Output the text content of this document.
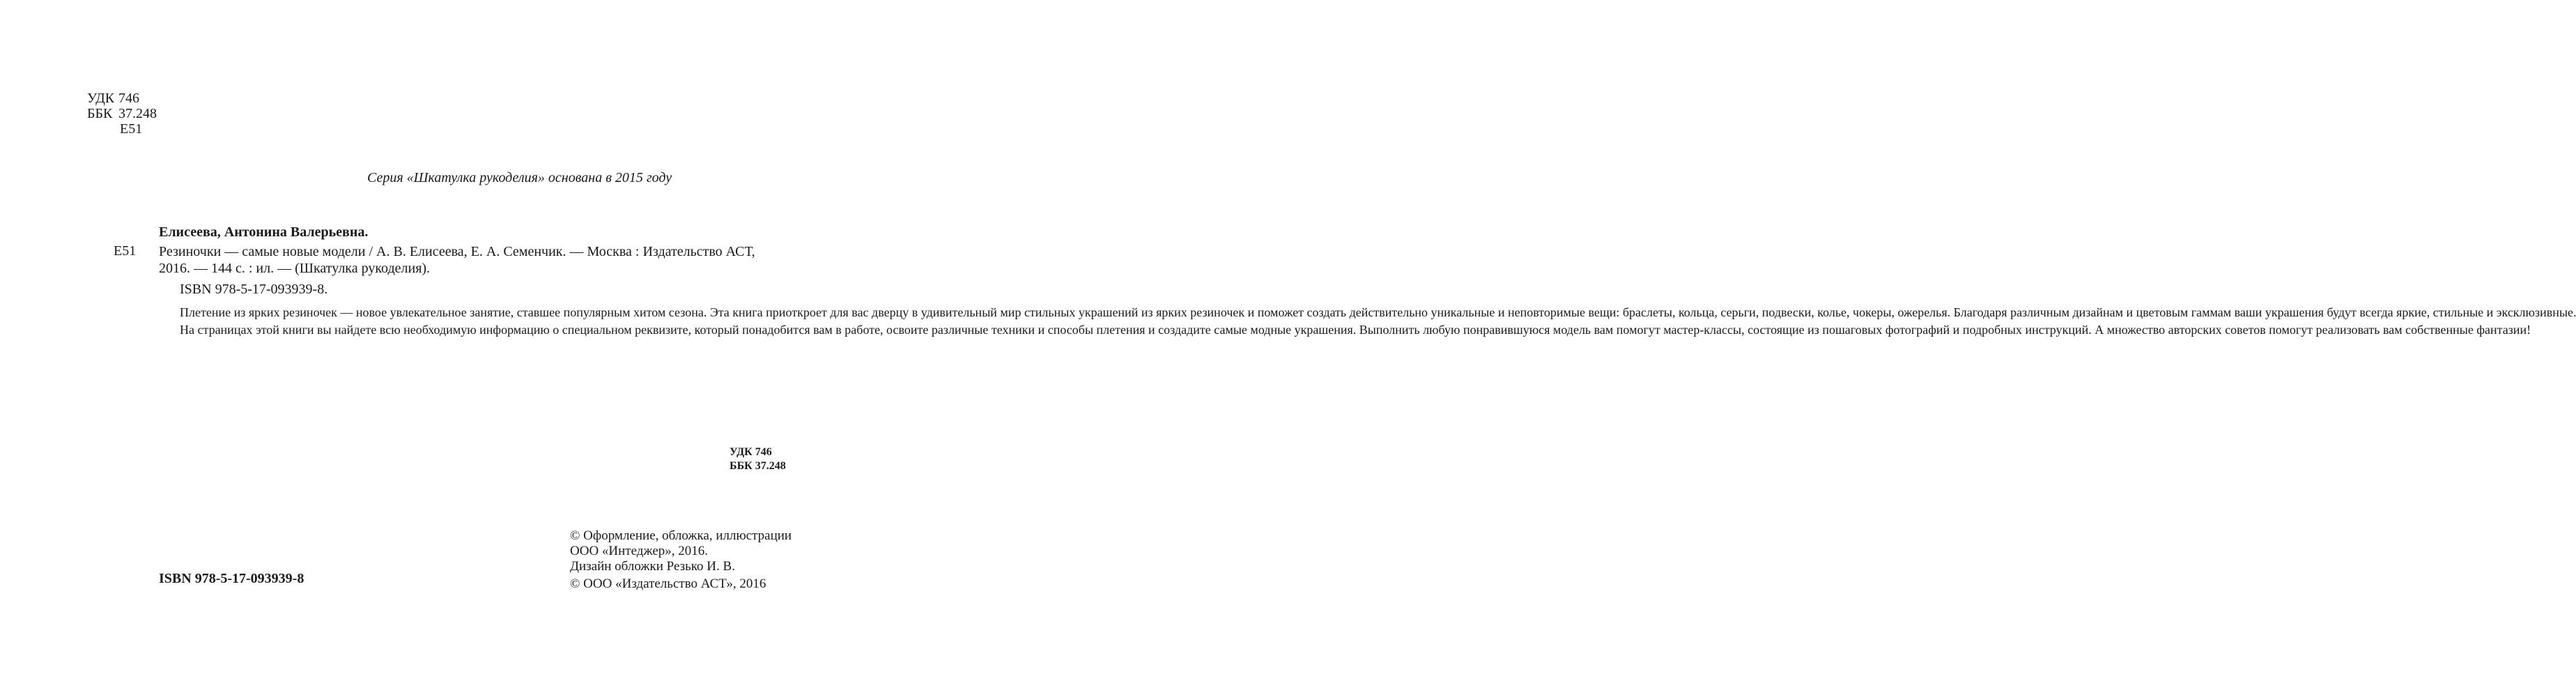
УДК 746
ББК 37.248
Е51
Серия «Шкатулка рукоделия» основана в 2015 году
Е51
Елисеева, Антонина Валерьевна.
Резиночки — самые новые модели / А. В. Елисеева, Е. А. Семенчик. — Москва : Издательство АСТ,
2016. — 144 с. : ил. — (Шкатулка рукоделия).
ISBN 978-5-17-093939-8.

Плетение из ярких резиночек — новое увлекательное занятие, ставшее популярным хитом сезона. Эта книга приоткроет для вас дверцу в удивительный мир стильных украшений из ярких резиночек и поможет создать действительно уникальные и неповторимые вещи: браслеты, кольца, серьги, подвески, колье, чокеры, ожерелья. Благодаря различным дизайнам и цветовым гаммам ваши украшения будут всегда яркие, стильные и эксклюзивные.

На страницах этой книги вы найдете всю необходимую информацию о специальном реквизите, который понадобится вам в работе, освоите различные техники и способы плетения и создадите самые модные украшения. Выполнить любую понравившуюся модель вам помогут мастер-классы, состоящие из пошаговых фотографий и подробных инструкций. А множество авторских советов помогут реализовать вам собственные фантазии!

УДК 746
ББК 37.248
© Оформление, обложка, иллюстрации
ООО «Интеджер», 2016.
Дизайн обложки Резько И. В.
© ООО «Издательство АСТ», 2016
ISBN 978-5-17-093939-8
